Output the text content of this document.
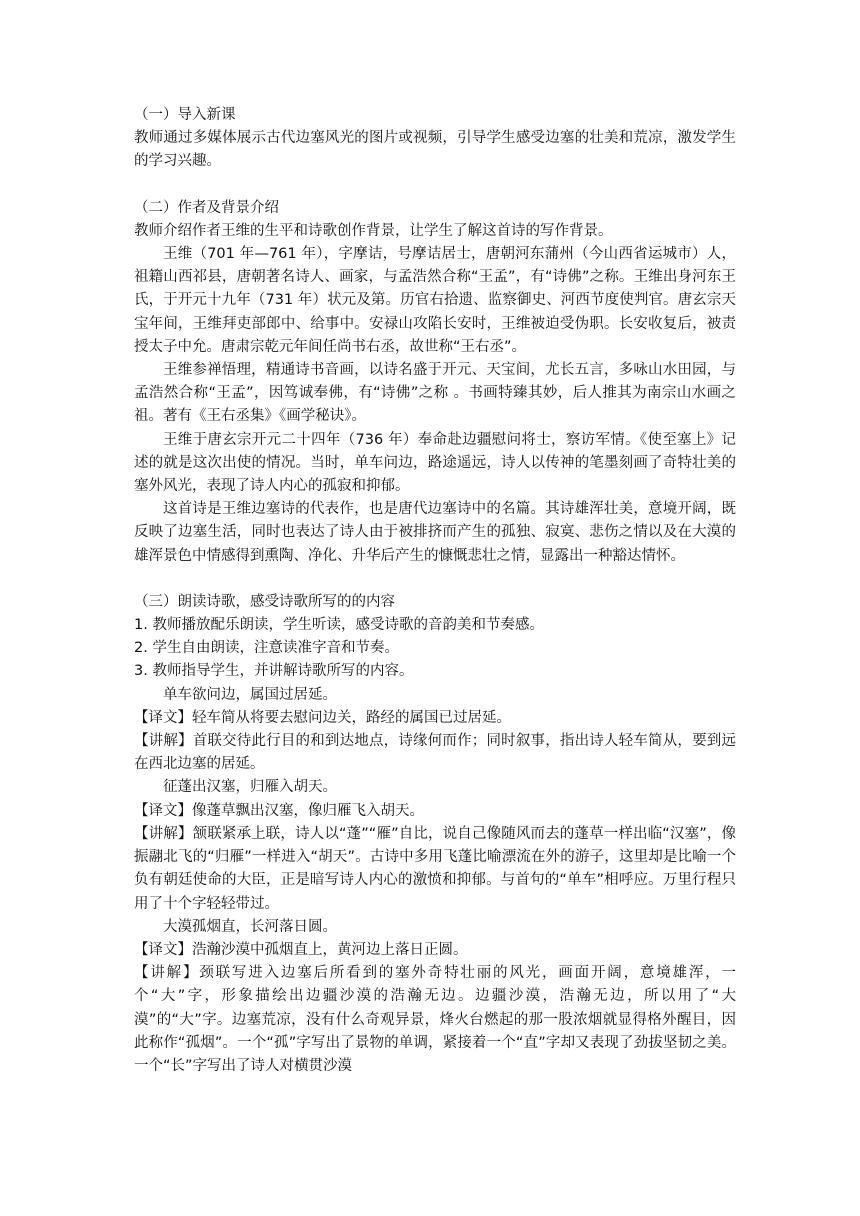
（一）导入新课

教师通过多媒体展示古代边塞风光的图片或视频，引导学生感受边塞的壮美和荒凉，激发学生的学习兴趣。

（二）作者及背景介绍

教师介绍作者王维的生平和诗歌创作背景，让学生了解这首诗的写作背景。

王维（701 年—761 年），字摩诘，号摩诘居士，唐朝河东蒲州（今山西省运城市）人，祖籍山西祁县，唐朝著名诗人、画家，与孟浩然合称“王孟”，有“诗佛”之称。王维出身河东王氏，于开元十九年（731 年）状元及第。历官右拾遗、监察御史、河西节度使判官。唐玄宗天宝年间，王维拜吏部郎中、给事中。安禄山攻陷长安时，王维被迫受伪职。长安收复后，被责授太子中允。唐肃宗乾元年间任尚书右丞，故世称“王右丞”。

王维参禅悟理，精通诗书音画，以诗名盛于开元、天宝间，尤长五言，多咏山水田园，与孟浩然合称“王孟”，因笃诚奉佛，有“诗佛”之称 。书画特臻其妙，后人推其为南宗山水画之祖。著有《王右丞集》《画学秘诀》。

王维于唐玄宗开元二十四年（736 年）奉命赴边疆慰问将士，察访军情。《使至塞上》记述的就是这次出使的情况。当时，单车问边，路途遥远，诗人以传神的笔墨刻画了奇特壮美的塞外风光，表现了诗人内心的孤寂和抑郁。

这首诗是王维边塞诗的代表作，也是唐代边塞诗中的名篇。其诗雄浑壮美，意境开阔，既反映了边塞生活，同时也表达了诗人由于被排挤而产生的孤独、寂寞、悲伤之情以及在大漠的雄浑景色中情感得到熏陶、净化、升华后产生的慷慨悲壮之情，显露出一种豁达情怀。

（三）朗读诗歌，感受诗歌所写的的内容

1. 教师播放配乐朗读，学生听读，感受诗歌的音韵美和节奏感。

2. 学生自由朗读，注意读准字音和节奏。

3. 教师指导学生，并讲解诗歌所写的内容。

单车欲问边，属国过居延。

【译文】轻车简从将要去慰问边关，路经的属国已过居延。

【讲解】首联交待此行目的和到达地点，诗缘何而作；同时叙事，指出诗人轻车简从，要到远在西北边塞的居延。

征蓬出汉塞，归雁入胡天。

【译文】像蓬草飘出汉塞，像归雁飞入胡天。

【讲解】颔联紧承上联，诗人以“蓬”“雁”自比，说自己像随风而去的蓬草一样出临“汉塞”，像振翮北飞的“归雁”一样进入“胡天”。古诗中多用飞蓬比喻漂流在外的游子，这里却是比喻一个负有朝廷使命的大臣，正是暗写诗人内心的激愤和抑郁。与首句的“单车”相呼应。万里行程只用了十个字轻轻带过。

大漠孤烟直，长河落日圆。

【译文】浩瀚沙漠中孤烟直上，黄河边上落日正圆。

【讲解】颈联写进入边塞后所看到的塞外奇特壮丽的风光，画面开阔，意境雄浑，一个“大”字，形象描绘出边疆沙漠的浩瀚无边。边疆沙漠，浩瀚无边，所以用了“大漠”的“大”字。边塞荒凉，没有什么奇观异景，烽火台燃起的那一股浓烟就显得格外醒目，因此称作“孤烟”。一个“孤”字写出了景物的单调，紧接着一个“直”字却又表现了劲拔坚韧之美。一个“长”字写出了诗人对横贯沙漠
